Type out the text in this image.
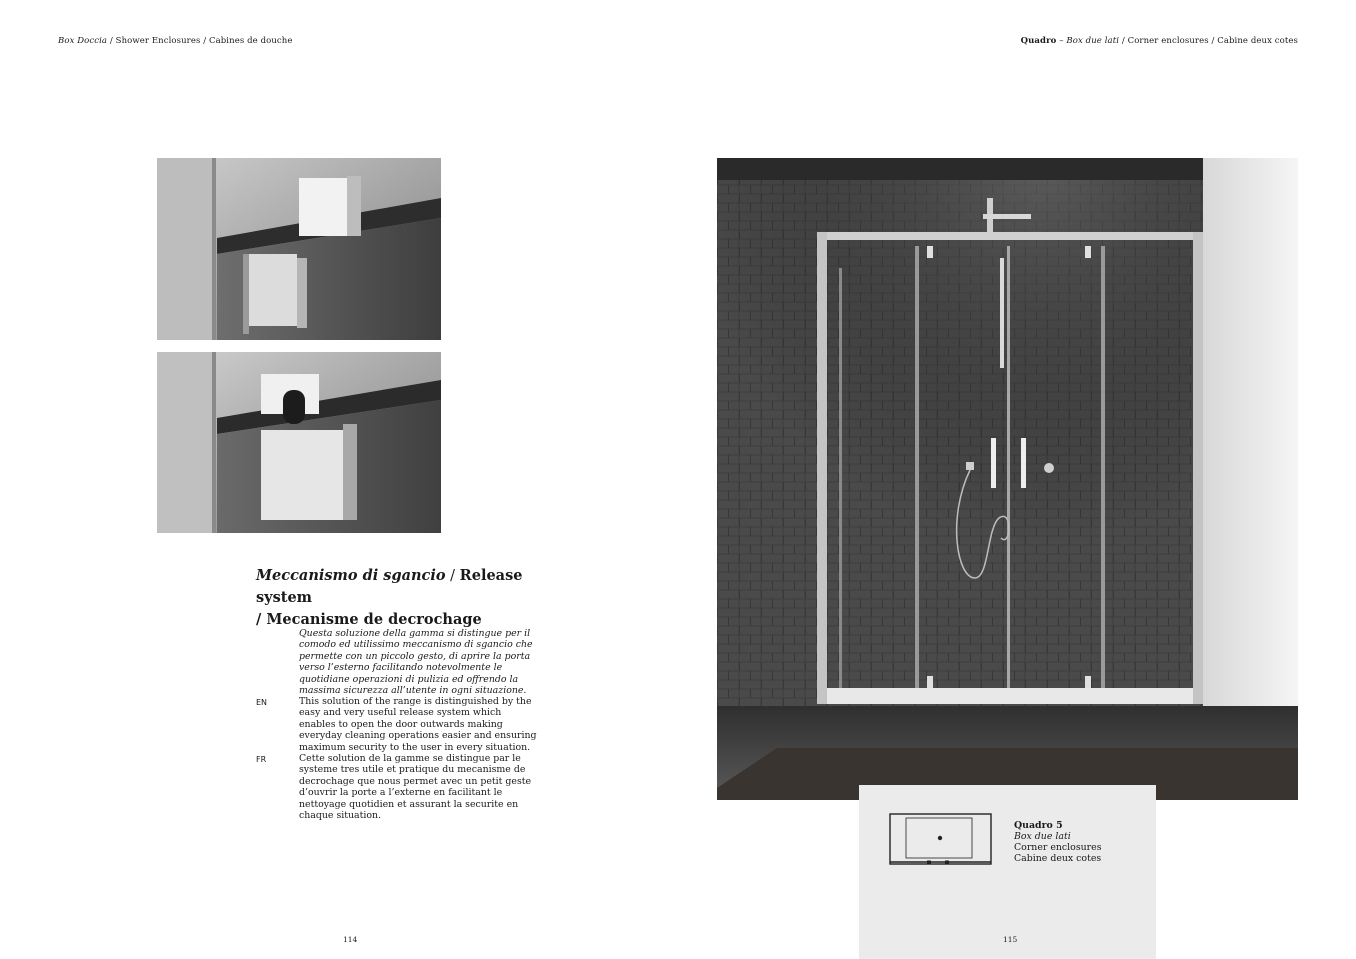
Box Doccia / Shower Enclosures / Cabines de douche	Quadro – Box due lati / Corner enclosures / Cabine deux cotes
Meccanismo di sgancio / Release system
/ Mecanisme de decrochage
Questa soluzione della gamma si distingue per il comodo ed utilissimo meccanismo di sgancio che permette con un piccolo gesto, di aprire la porta verso l’esterno facilitando notevolmente le quotidiane operazioni di pulizia ed offrendo la massima sicurezza all’utente in ogni situazione.
EN	This solution of the range is distinguished by the easy and very useful release system which enables to open the door outwards making everyday cleaning operations easier and ensuring maximum security to the user in every situation.
FR	Cette solution de la gamme se distingue par le systeme tres utile et pratique du mecanisme de decrochage que nous permet avec un petit geste d’ouvrir la porte a l’externe en facilitant le nettoyage quotidien et assurant la securite en chaque situation.
Quadro 5
Box due lati
Corner enclosures
Cabine deux cotes
114	115
